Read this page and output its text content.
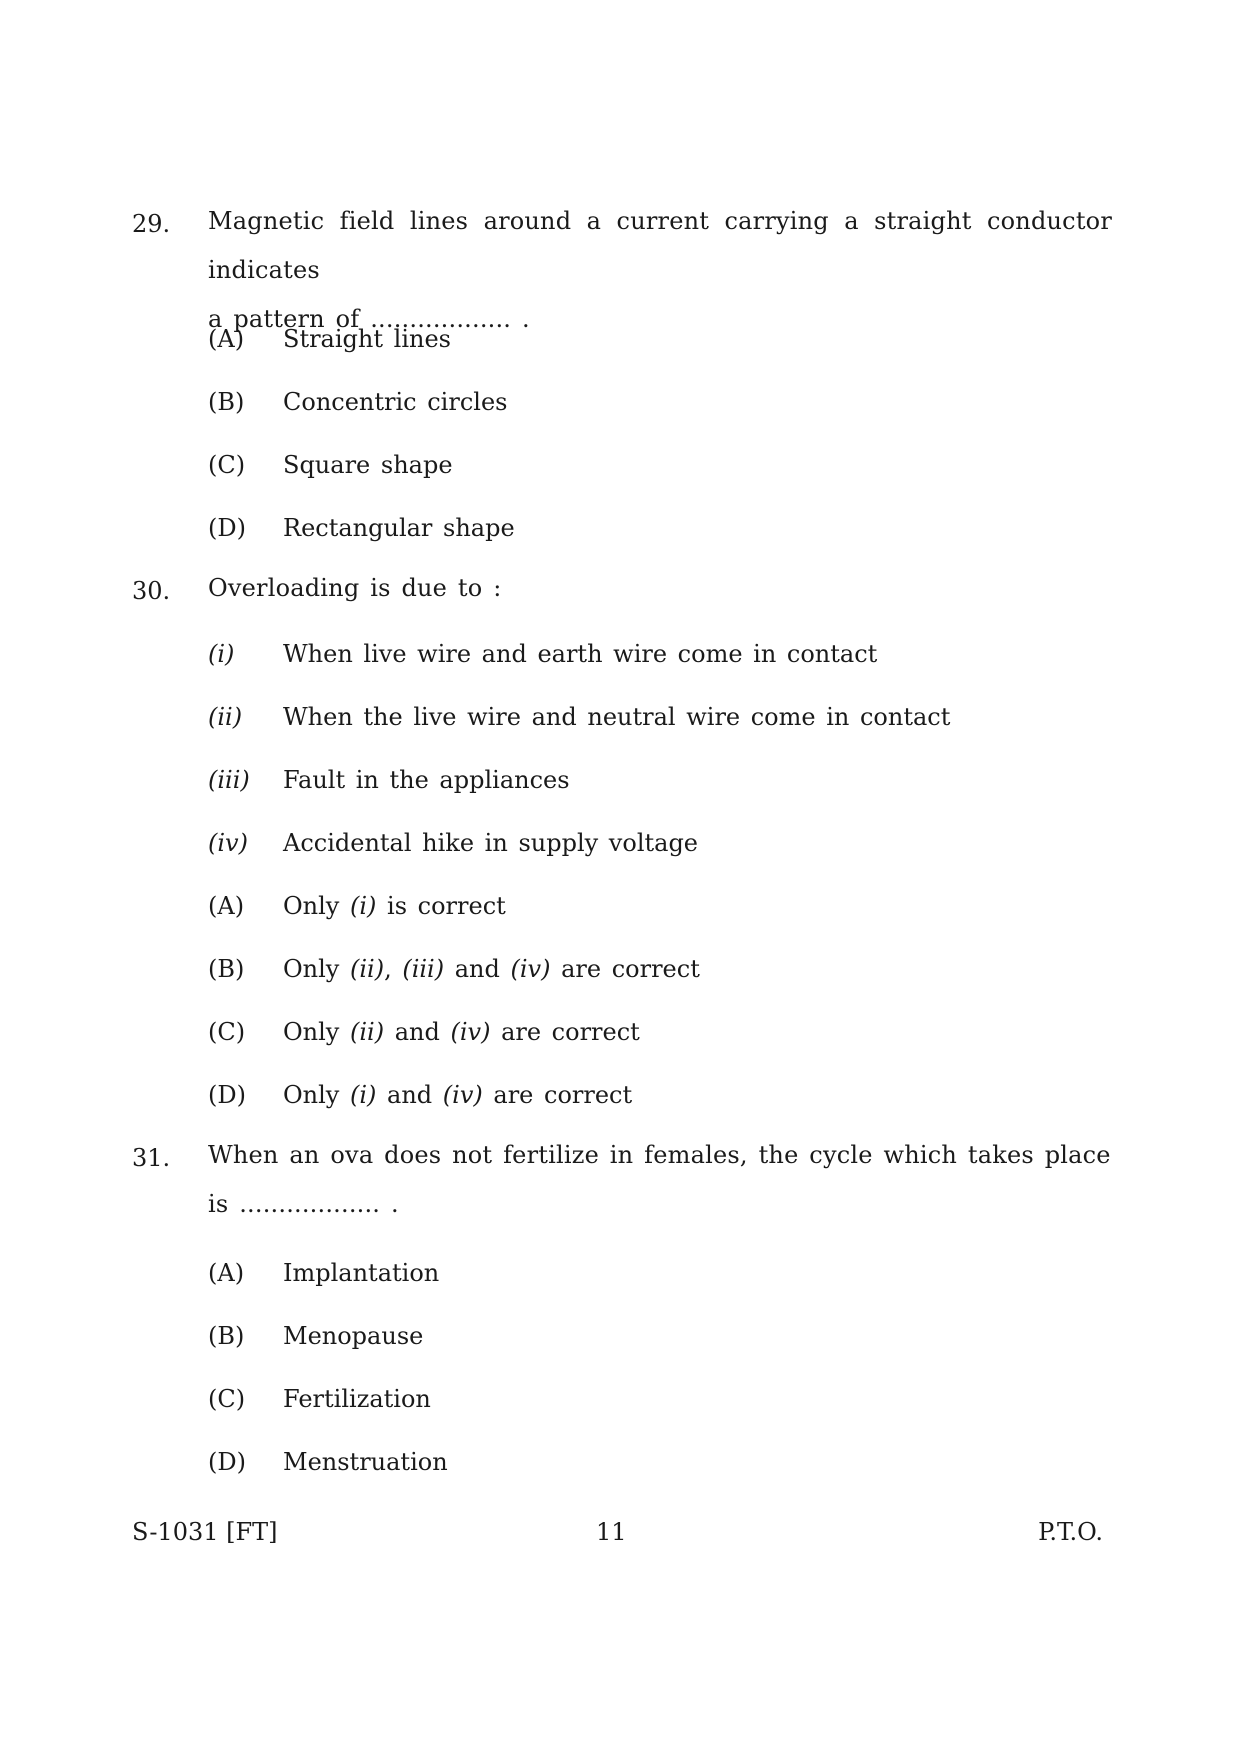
29. Magnetic field lines around a current carrying a straight conductor indicates
a pattern of .................. .
(A) Straight lines
(B) Concentric circles
(C) Square shape
(D) Rectangular shape
30. Overloading is due to :
(i) When live wire and earth wire come in contact
(ii) When the live wire and neutral wire come in contact
(iii) Fault in the appliances
(iv) Accidental hike in supply voltage
(A) Only (i) is correct
(B) Only (ii), (iii) and (iv) are correct
(C) Only (ii) and (iv) are correct
(D) Only (i) and (iv) are correct
31. When an ova does not fertilize in females, the cycle which takes place
is .................. .
(A) Implantation
(B) Menopause
(C) Fertilization
(D) Menstruation
S-1031 [FT]	11	P.T.O.
